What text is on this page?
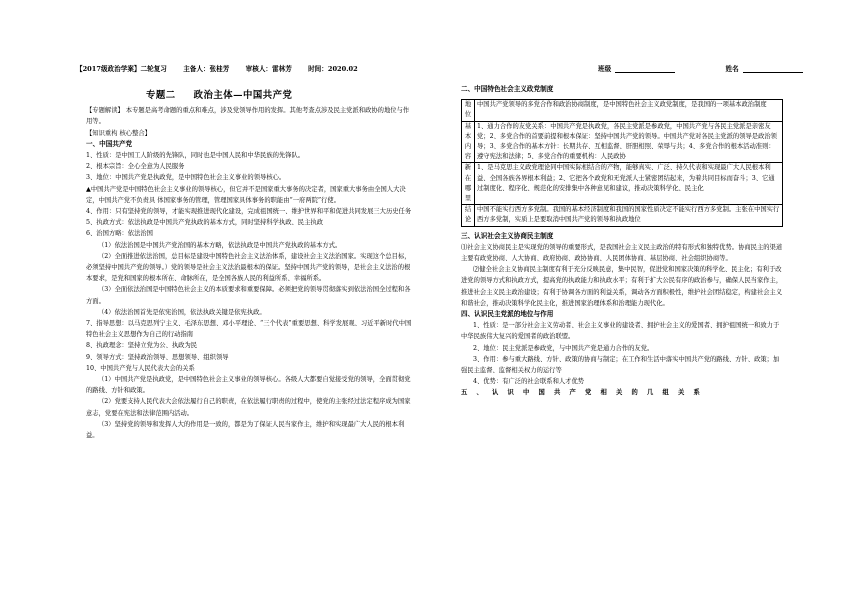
【2017级政治学案】二轮复习 主备人：张桂芳 审核人：雷林芳 时间：2020.02	班级	姓名
专题二 政治主体—中国共产党
【专题解读】 本专题是高考命题的重点和难点，涉及党领导作用的发挥。其他考查点涉及民主党派和政协的地位与作用等。
【知识重构 核心整合】
一、中国共产党
1、性质：是中国工人阶级的先锋队，同时也是中国人民和中华民族的先锋队。
2、根本宗旨：全心全意为人民服务
3、地位：中国共产党是执政党，是中国特色社会主义事业的领导核心。
▲中国共产党是中国特色社会主义事业的领导核心，但它并不是国家重大事务的决定者，国家重大事务由全国人大决定，中国共产党不负责具 体国家事务的管理，管理国家具体事务的职能由“一府两院”行使。
4、作用：只有坚持党的领导，才能实现推进现代化建设，完成祖国统一、维护世界和平和促进共同发展三大历史任务
5、执政方式：依法执政是中国共产党执政的基本方式，同时坚持科学执政、民主执政
6、治国方略：依法治国
（1）依法治国是中国共产党治国的基本方略，依法执政是中国共产党执政的基本方式。
（2）全面推进依法治国，总目标是建设中国特色社会主义法治体系，建设社会主义法治国家。实现这个总目标，必须坚持中国共产党的领导。）党的领导是社会主义法治最根本的保证。坚持中国共产党的领导，是社会主义法治的根本要求，是党和国家的根本所在、命脉所在，是全国各族人民的利益所系、幸福所系。
（3）全面依法治国是中国特色社会主义的本质要求和重要保障。必须把党的领导贯彻落实到依法治国全过程和各方面。
（4）依法治国首先是依宪治国，依法执政关键是依宪执政。
7、指导思想：以马克思列宁主义、毛泽东思想、邓小平理论、“三个代表”重要思想、科学发展观、习近平新时代中国特色社会主义思想作为自己的行动指南
8、执政理念：坚持立党为公、执政为民
9、领导方式：坚持政治领导、思想领导、组织领导
10、中国共产党与人民代表大会的关系
（1）中国共产党是执政党，是中国特色社会主义事业的领导核心。各级人大都要自觉接受党的领导，全面贯彻党的路线、方针和政策。
（2）党要支持人民代表大会依法履行自己的职责，在依法履行职责的过程中，使党的主张经过法定程序成为国家意志，党要在宪法和法律范围内活动。
（3）坚持党的领导和发挥人大的作用是一致的，都是为了保证人民当家作主，维护和实现最广大人民的根本利益。
二、中国特色社会主义政党制度
地位	中国共产党领导的多党合作和政治协商制度，是中国特色社会主义政党制度，是我国的一项基本政治制度
基本内容	1、通力合作的友党关系：中国共产党是执政党，各民主党派是参政党，中国共产党与各民主党派是亲密友党；2、多党合作的首要前提和根本保证：坚持中国共产党的领导。中国共产党对各民主党派的领导是政治领导；3、多党合作的基本方针：长期共存、互相监督、肝胆相照、荣辱与共；4、多党合作的根本活动准则：遵守宪法和法律；5、多党合作的重要机构：人民政协
新在哪里	1、是马克思主义政党理论同中国实际相结合的产物，能够真实、广泛、持久代表和实现最广大人民根本利益、全国各族各界根本利益；2、它把各个政党和无党派人士紧密团结起来，为着共同目标而奋斗；3、它通过制度化、程序化、规范化的安排集中各种意见和建议，推动决策科学化、民主化
结论	中国不能实行西方多党制。我国的基本经济制度和我国的国家性质决定不能实行西方多党制。主张在中国实行西方多党制，实质上是要取消中国共产党的领导和执政地位
三、认识社会主义协商民主制度
⑴社会主义协商民主是实现党的领导的重要形式，是我国社会主义民主政治的特有形式和独特优势。协商民主的渠道主要有政党协商、人大协商、政府协商、政协协商、人民团体协商、基层协商、社会组织协商等。
⑵健全社会主义协商民主制度有利于充分反映民意，集中民智，促进党和国家决策的科学化、民主化；有利于改进党的领导方式和执政方式，提高党的执政能力和执政水平；有利于扩大公民有序的政治参与，确保人民当家作主，推进社会主义民主政治建设；有利于协调各方面的利益关系，调动各方面积极性，维护社会团结稳定，构建社会主义和谐社会，推动决策科学化民主化，推进国家治理体系和治理能力现代化。
四、认识民主党派的地位与作用
1、性质：是一部分社会主义劳动者、社会主义事业的建设者、拥护社会主义的爱国者、拥护祖国统一和致力于中华民族伟大复兴的爱国者的政治联盟。
2、地位：民主党派是参政党，与中国共产党是通力合作的友党。
3、作用：参与重大路线、方针、政策的协商与制定；在工作和生活中落实中国共产党的路线、方针、政策；加强民主监督、监督相关权力的运行等
4、优势：有广泛的社会联系和人才优势
五、认识中国共产党相关的几组关系
